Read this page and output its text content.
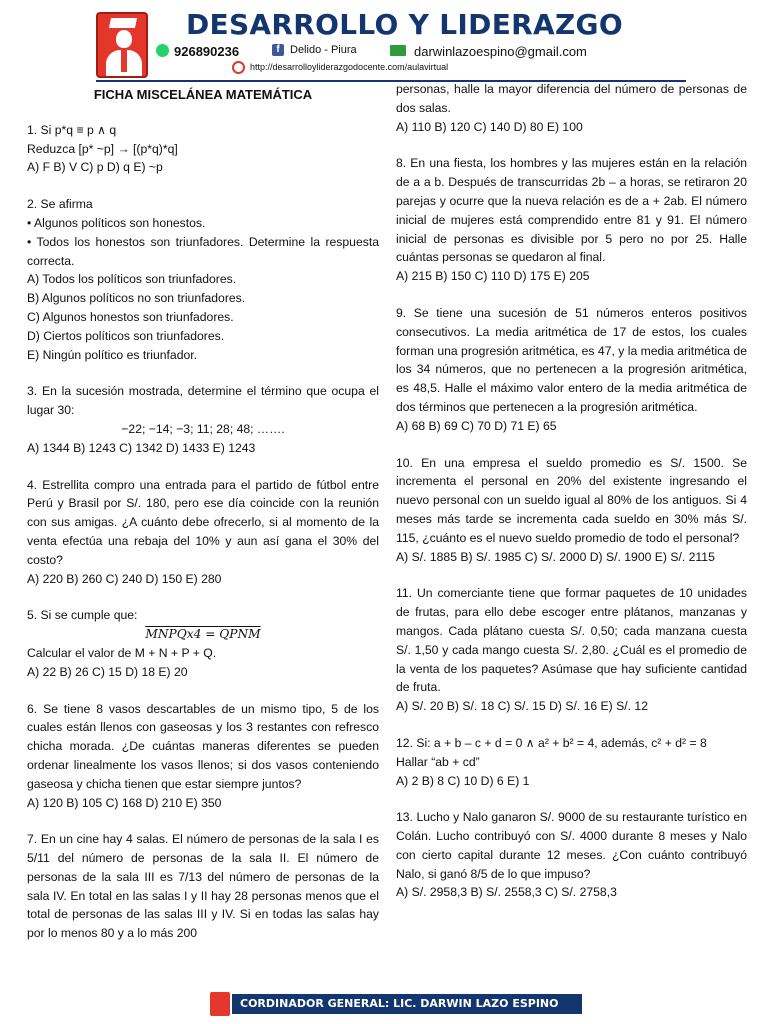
DESARROLLO Y LIDERAZGO
926890236	f Delido - Piura	darwinlazoespino@gmail.com
http://desarrolloyliderazgodocente.com/aulavirtual
FICHA MISCELÁNEA MATEMÁTICA

1. Si p*q ≡ p ∧ q

Reduzca [p* ~p] → [(p*q)*q]

A) F B) V C) p D) q E) ~p

2. Se afirma

• Algunos políticos son honestos.

• Todos los honestos son triunfadores. Determine la respuesta correcta.

A) Todos los políticos son triunfadores.

B) Algunos políticos no son triunfadores.

C) Algunos honestos son triunfadores.

D) Ciertos políticos son triunfadores.

E) Ningún político es triunfador.

3. En la sucesión mostrada, determine el término que ocupa el lugar 30:

−22; −14; −3; 11; 28; 48; …….

A) 1344 B) 1243 C) 1342 D) 1433 E) 1243

4. Estrellita compro una entrada para el partido de fútbol entre Perú y Brasil por S/. 180, pero ese día coincide con la reunión con sus amigas. ¿A cuánto debe ofrecerlo, si al momento de la venta efectúa una rebaja del 10% y aun así gana el 30% del costo?

A) 220 B) 260 C) 240 D) 150 E) 280

5. Si se cumple que:

MNPQx4 = QPNM

Calcular el valor de M + N + P + Q.

A) 22 B) 26 C) 15 D) 18 E) 20

6. Se tiene 8 vasos descartables de un mismo tipo, 5 de los cuales están llenos con gaseosas y los 3 restantes con refresco chicha morada. ¿De cuántas maneras diferentes se pueden ordenar linealmente los vasos llenos; si dos vasos conteniendo gaseosa y chicha tienen que estar siempre juntos?

A) 120 B) 105 C) 168 D) 210 E) 350

7. En un cine hay 4 salas. El número de personas de la sala I es 5/11 del número de personas de la sala II. El número de personas de la sala III es 7/13 del número de personas de la sala IV. En total en las salas I y II hay 28 personas menos que el total de personas de las salas III y IV. Si en todas las salas hay por lo menos 80 y a lo más 200

personas, halle la mayor diferencia del número de personas de dos salas.

A) 110 B) 120 C) 140 D) 80 E) 100

8. En una fiesta, los hombres y las mujeres están en la relación de a a b. Después de transcurridas 2b – a horas, se retiraron 20 parejas y ocurre que la nueva relación es de a + 2ab. El número inicial de mujeres está comprendido entre 81 y 91. El número inicial de personas es divisible por 5 pero no por 25. Halle cuántas personas se quedaron al final.

A) 215 B) 150 C) 110 D) 175 E) 205

9. Se tiene una sucesión de 51 números enteros positivos consecutivos. La media aritmética de 17 de estos, los cuales forman una progresión aritmética, es 47, y la media aritmética de los 34 números, que no pertenecen a la progresión aritmética, es 48,5. Halle el máximo valor entero de la media aritmética de dos términos que pertenecen a la progresión aritmética.

A) 68 B) 69 C) 70 D) 71 E) 65

10. En una empresa el sueldo promedio es S/. 1500. Se incrementa el personal en 20% del existente ingresando el nuevo personal con un sueldo igual al 80% de los antiguos. Si 4 meses más tarde se incrementa cada sueldo en 30% más S/. 115, ¿cuánto es el nuevo sueldo promedio de todo el personal?

A) S/. 1885 B) S/. 1985 C) S/. 2000 D) S/. 1900 E) S/. 2115

11. Un comerciante tiene que formar paquetes de 10 unidades de frutas, para ello debe escoger entre plátanos, manzanas y mangos. Cada plátano cuesta S/. 0,50; cada manzana cuesta S/. 1,50 y cada mango cuesta S/. 2,80. ¿Cuál es el promedio de la venta de los paquetes? Asúmase que hay suficiente cantidad de fruta.

A) S/. 20 B) S/. 18 C) S/. 15 D) S/. 16 E) S/. 12

12. Si: a + b – c + d = 0 ∧ a² + b² = 4, además, c² + d² = 8

Hallar “ab + cd”

A) 2 B) 8 C) 10 D) 6 E) 1

13. Lucho y Nalo ganaron S/. 9000 de su restaurante turístico en Colán. Lucho contribuyó con S/. 4000 durante 8 meses y Nalo con cierto capital durante 12 meses. ¿Con cuánto contribuyó Nalo, si ganó 8/5 de lo que impuso?

A) S/. 2958,3 B) S/. 2558,3 C) S/. 2758,3

CORDINADOR GENERAL: LIC. DARWIN LAZO ESPINO
